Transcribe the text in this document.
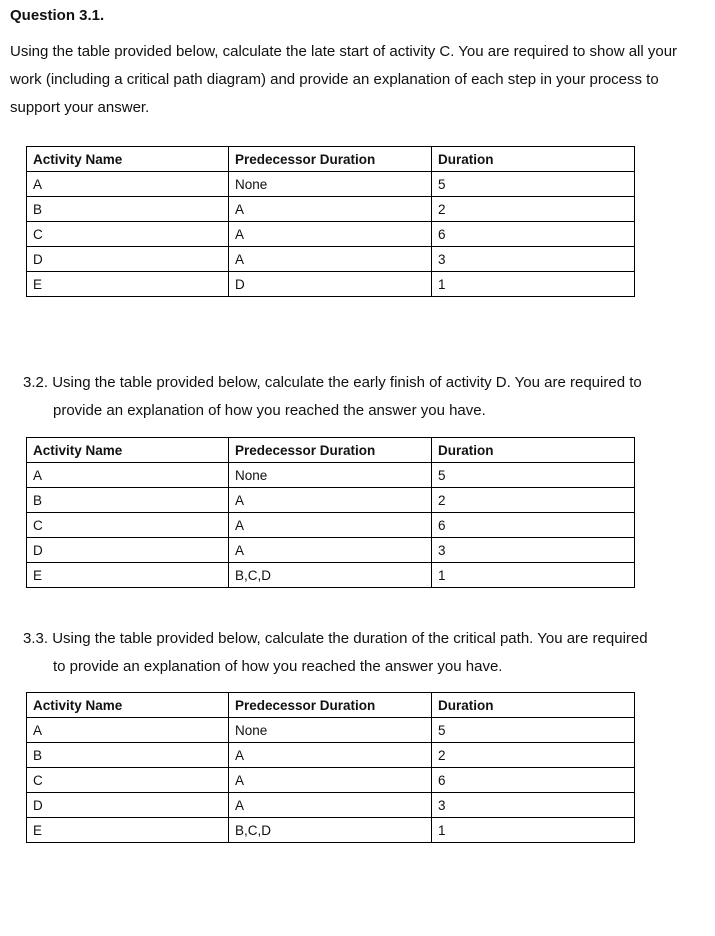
Question 3.1.
Using the table provided below, calculate the late start of activity C. You are required to show all your work (including a critical path diagram) and provide an explanation of each step in your process to support your answer.
Activity Name	Predecessor Duration	Duration
A	None	5
B	A	2
C	A	6
D	A	3
E	D	1
3.2. Using the table provided below, calculate the early finish of activity D. You are required to
provide an explanation of how you reached the answer you have.
Activity Name	Predecessor Duration	Duration
A	None	5
B	A	2
C	A	6
D	A	3
E	B,C,D	1
3.3. Using the table provided below, calculate the duration of the critical path. You are required
to provide an explanation of how you reached the answer you have.
Activity Name	Predecessor Duration	Duration
A	None	5
B	A	2
C	A	6
D	A	3
E	B,C,D	1
